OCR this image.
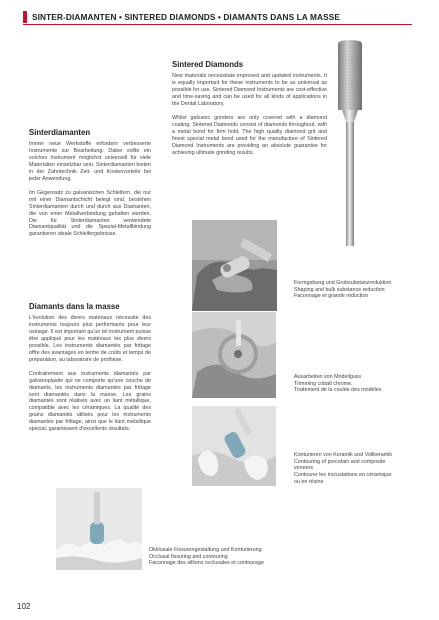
SINTER-DIAMANTEN • SINTERED DIAMONDS • DIAMANTS DANS LA MASSE
Sintered Diamonds

New materials necessitate improved and updated instruments. It is equally important for these instruments to be as universal as possible for use. Sintered Diamond Instruments are cost-effective and time-saving and can be used for all kinds of applications in the Dental Laboratory.

Whilst galvanic grinders are only covered with a diamond coating, Sintered Diamonds consist of diamonds throughout, with a metal bond for firm hold. The high quality diamond grit and finest special metal bond used for the manufacture of Sintered Diamond Instruments are providing an absolute guarantee for achieving ultimate grinding results.

Sinterdiamanten

Immer neue Werkstoffe erfordern verbesserte Instrumente zur Bearbeitung. Dabei sollte ein solches Instrument möglichst universell für viele Materialien einsetzbar sein. Sinterdiamanten bieten in der Zahntechnik Zeit- und Kostenvorteile bei jeder Anwendung.

Im Gegensatz zu galvanischen Schleifern, die nur mit einer Diamantschicht belegt sind, bestehen Sinterdiamanten durch und durch aus Diamanten, die von einer Metallverbindung gehalten werden. Die für Sinterdiamanten verwendete Diamantqualität und die Spezial-Metallbindung garantieren ideale Schleifergebnisse.

Formgebung und Grobsubstanzreduktion
Shaping and bulk substance reduction
Faconnage et grande réduction
Diamants dans la masse

L'évolution des divers matériaux nécessite des instruments toujours plus performants pour leur usinage. Il est important qu'un tel instrument puisse être appliqué pour les matériaux les plus divers possible. Les instruments diamantés par frittage offre des avantages en terme de coûts et temps de préparation, au laboratoire de prothèse.

Contrairement aux instruments diamantés par galvanoplastie qui ne comporte qu'une couche de diamants, les instruments diamantés par frittage sont diamantés dans la masse. Les grains diamantés sont réalisés avec un liant métallique, compatible avec les céramiques. La qualité des grains diamantés utilisés pour les instruments diamantés par frittage, ainsi que le liant métallique spécial, garantissent d'excellents résultats.

Ausarbeiten von Modellguss
Trimming cobalt chrome.
Traitement de la coulée des modèles
Konturieren von Keramik und Vollkeramik
Contouring of porcelain and composite
veneers
Contourer les incrustations en céramique
ou en résine
Okklusale Fissurengestaltung und Konturierung
Occlusal fissuring and contouring
Faconnage des sillions occlusales et contourage
102
